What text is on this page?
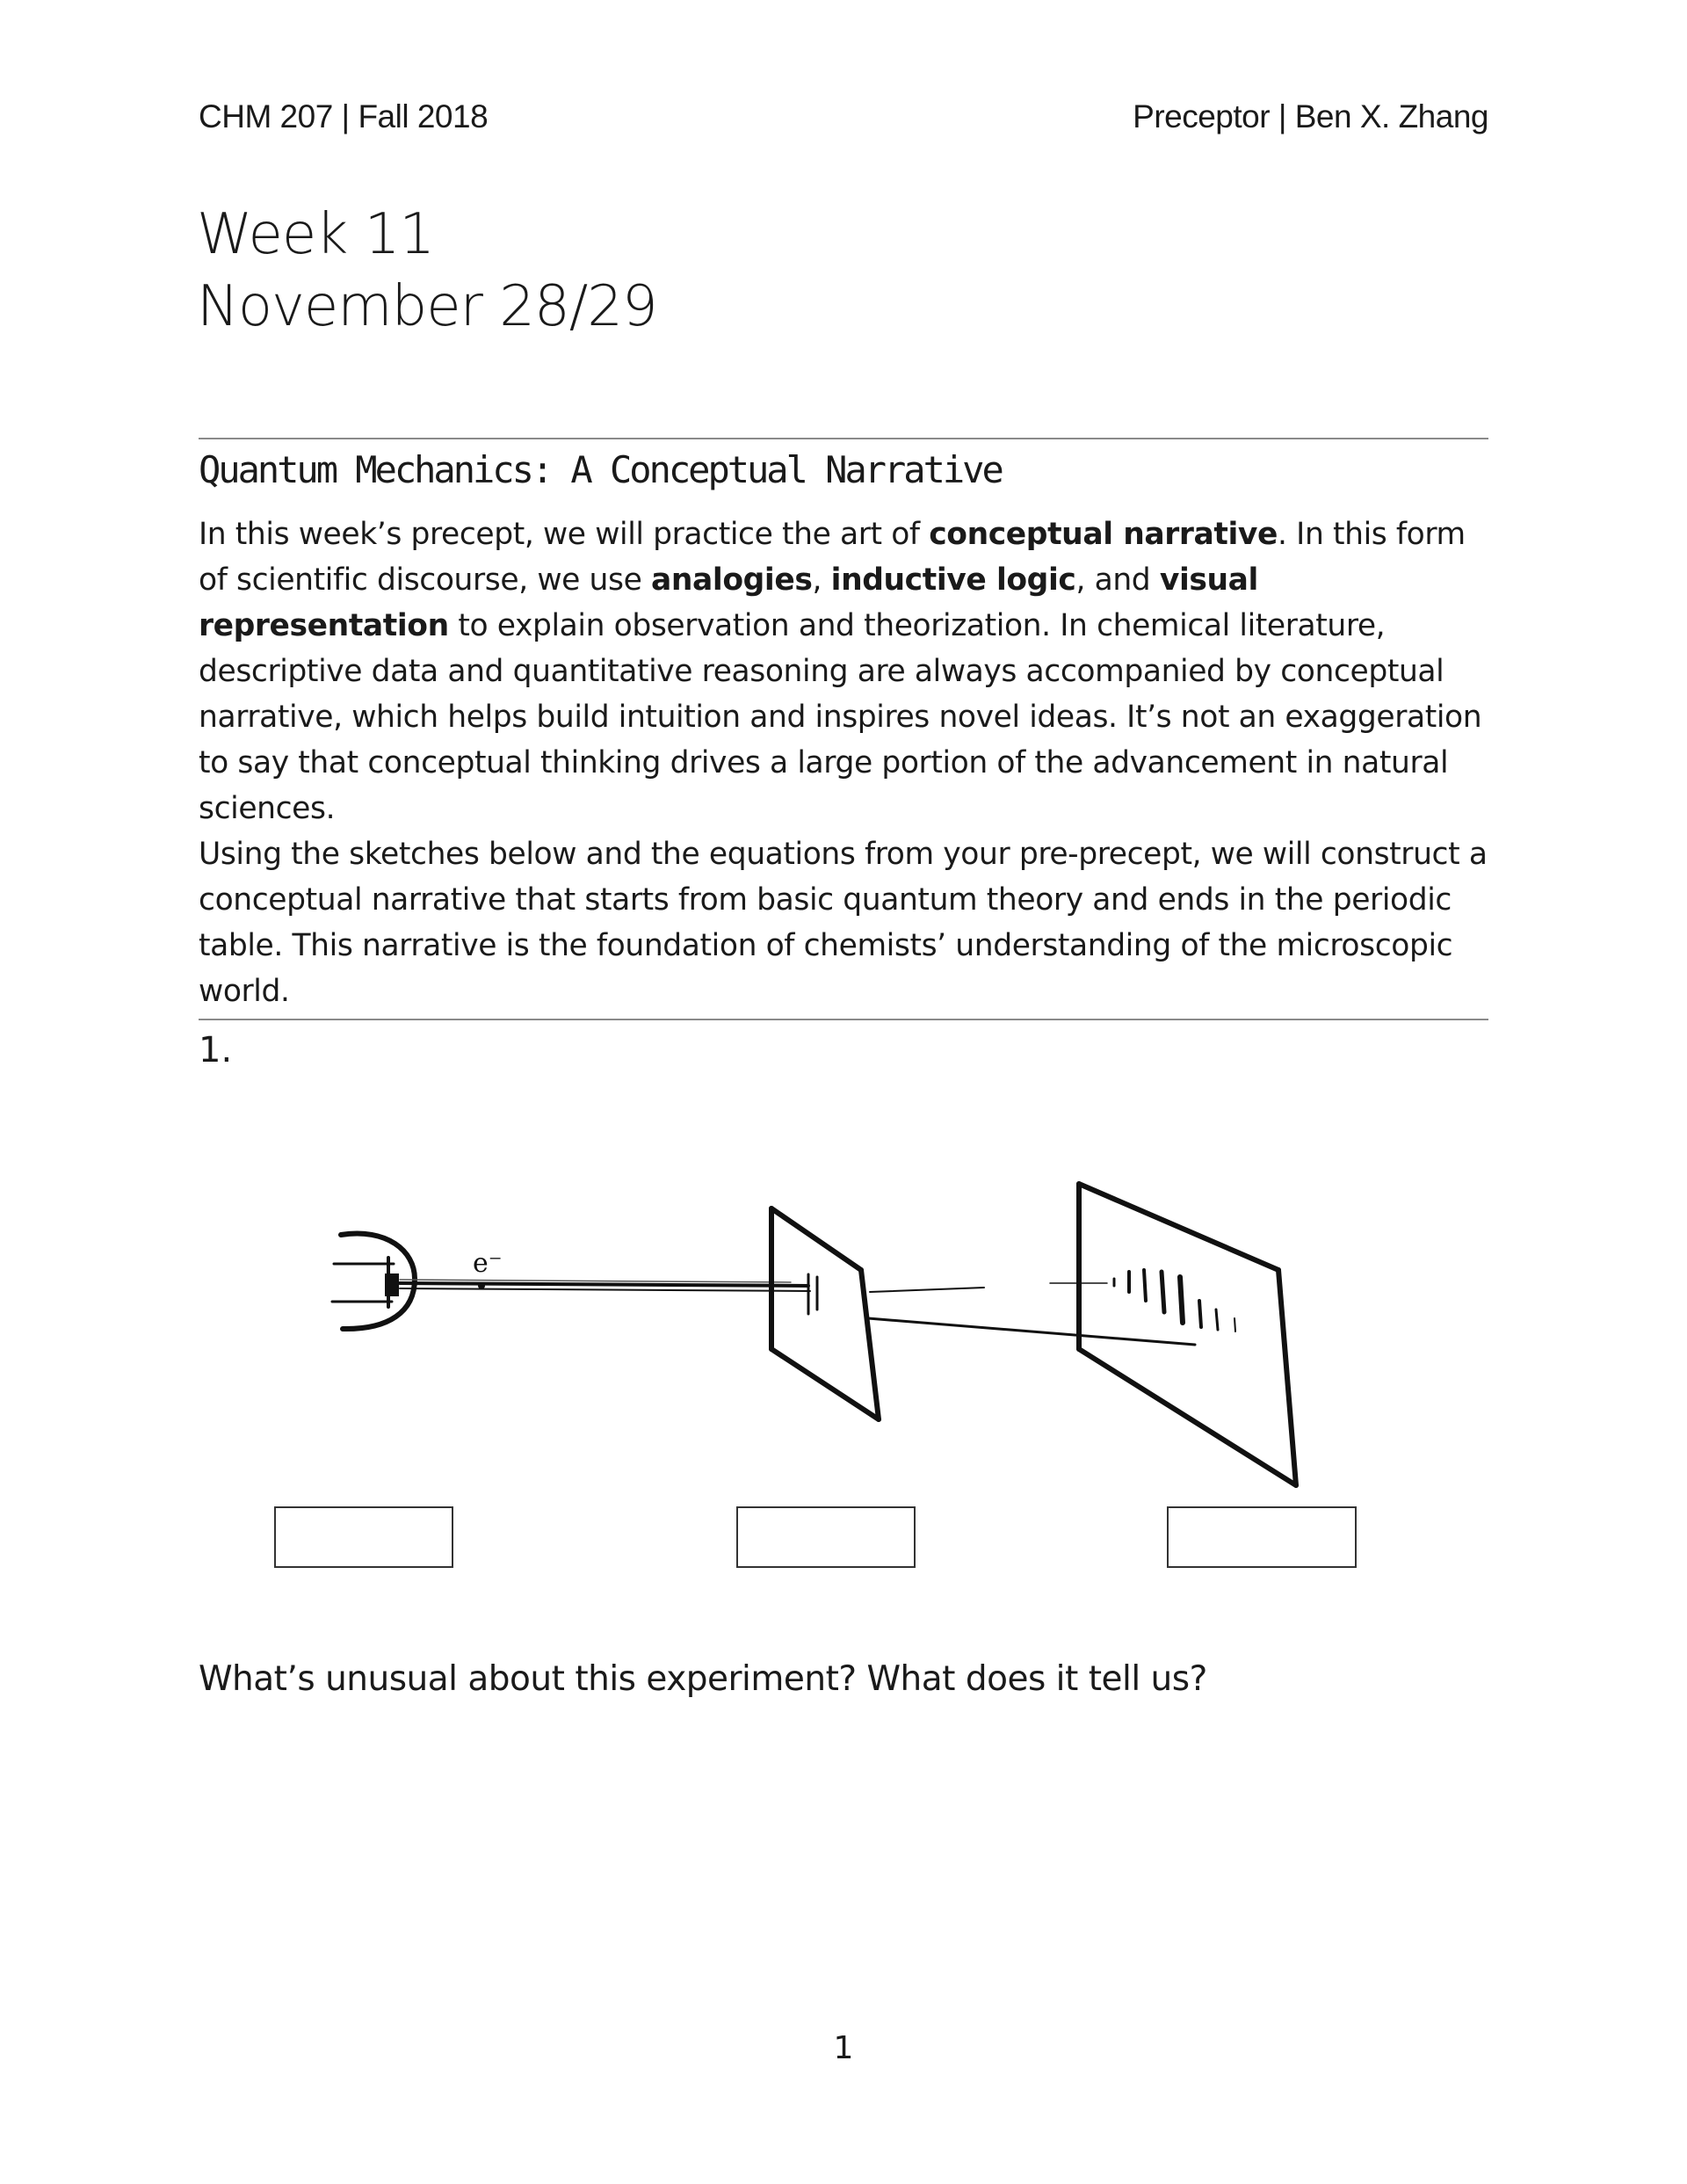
CHM 207 | Fall 2018	Preceptor | Ben X. Zhang
Week 11
November 28/29
Quantum Mechanics: A Conceptual Narrative

In this week’s precept, we will practice the art of conceptual narrative. In this form of scientific discourse, we use analogies, inductive logic, and visual representation to explain observation and theorization. In chemical literature, descriptive data and quantitative reasoning are always accompanied by conceptual narrative, which helps build intuition and inspires novel ideas. It’s not an exaggeration to say that conceptual thinking drives a large portion of the advancement in natural sciences.

Using the sketches below and the equations from your pre-precept, we will construct a conceptual narrative that starts from basic quantum theory and ends in the periodic table. This narrative is the foundation of chemists’ understanding of the microscopic world.

1.
e⁻
What’s unusual about this experiment? What does it tell us?
1
